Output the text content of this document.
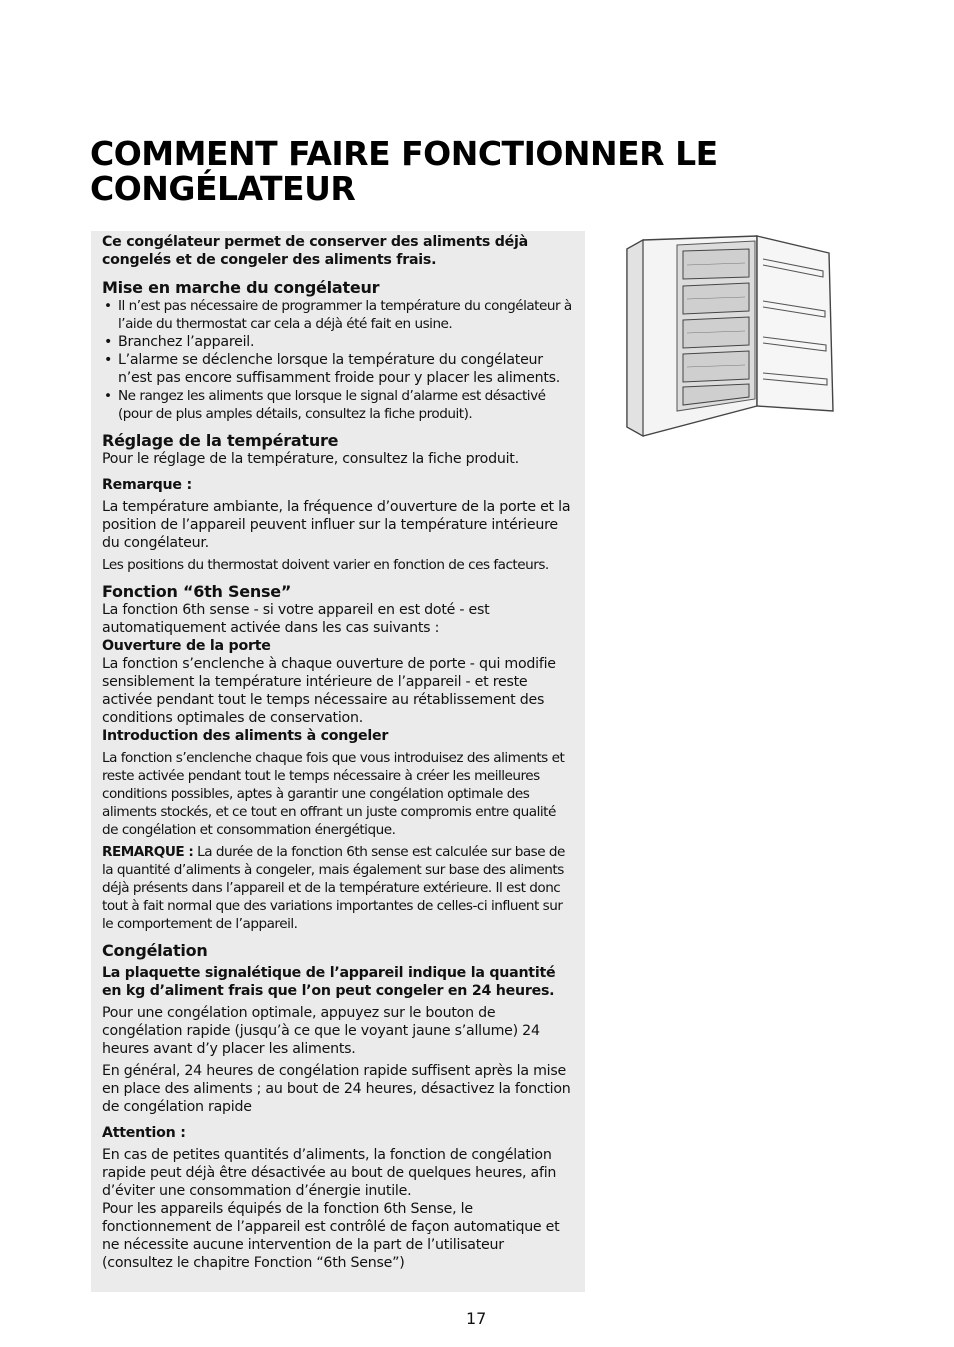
COMMENT FAIRE FONCTIONNER LE CONGÉLATEUR

Ce congélateur permet de conserver des aliments déjà congelés et de congeler des aliments frais.

Mise en marche du congélateur

• Il n’est pas nécessaire de programmer la température du congélateur à l’aide du thermostat car cela a déjà été fait en usine.
• Branchez l’appareil.
• L’alarme se déclenche lorsque la température du congélateur n’est pas encore suffisamment froide pour y placer les aliments.
• Ne rangez les aliments que lorsque le signal d’alarme est désactivé (pour de plus amples détails, consultez la fiche produit).

Réglage de la température

Pour le réglage de la température, consultez la fiche produit.

Remarque :

La température ambiante, la fréquence d’ouverture de la porte et la position de l’appareil peuvent influer sur la température intérieure du congélateur.

Les positions du thermostat doivent varier en fonction de ces facteurs.

Fonction “6th Sense”

La fonction 6th sense - si votre appareil en est doté - est automatiquement activée dans les cas suivants :

Ouverture de la porte

La fonction s’enclenche à chaque ouverture de porte - qui modifie sensiblement la température intérieure de l’appareil - et reste activée pendant tout le temps nécessaire au rétablissement des conditions optimales de conservation.

Introduction des aliments à congeler

La fonction s’enclenche chaque fois que vous introduisez des aliments et reste activée pendant tout le temps nécessaire à créer les meilleures conditions possibles, aptes à garantir une congélation optimale des aliments stockés, et ce tout en offrant un juste compromis entre qualité de congélation et consommation énergétique.

REMARQUE : La durée de la fonction 6th sense est calculée sur base de la quantité d’aliments à congeler, mais également sur base des aliments déjà présents dans l’appareil et de la température extérieure. Il est donc tout à fait normal que des variations importantes de celles-ci influent sur le comportement de l’appareil.

Congélation

La plaquette signalétique de l’appareil indique la quantité en kg d’aliment frais que l’on peut congeler en 24 heures.

Pour une congélation optimale, appuyez sur le bouton de congélation rapide (jusqu’à ce que le voyant jaune s’allume) 24 heures avant d’y placer les aliments.

En général, 24 heures de congélation rapide suffisent après la mise en place des aliments ; au bout de 24 heures, désactivez la fonction de congélation rapide

Attention :

En cas de petites quantités d’aliments, la fonction de congélation rapide peut déjà être désactivée au bout de quelques heures, afin d’éviter une consommation d’énergie inutile.

Pour les appareils équipés de la fonction 6th Sense, le fonctionnement de l’appareil est contrôlé de façon automatique et ne nécessite aucune intervention de la part de l’utilisateur (consultez le chapitre Fonction “6th Sense”)

17
